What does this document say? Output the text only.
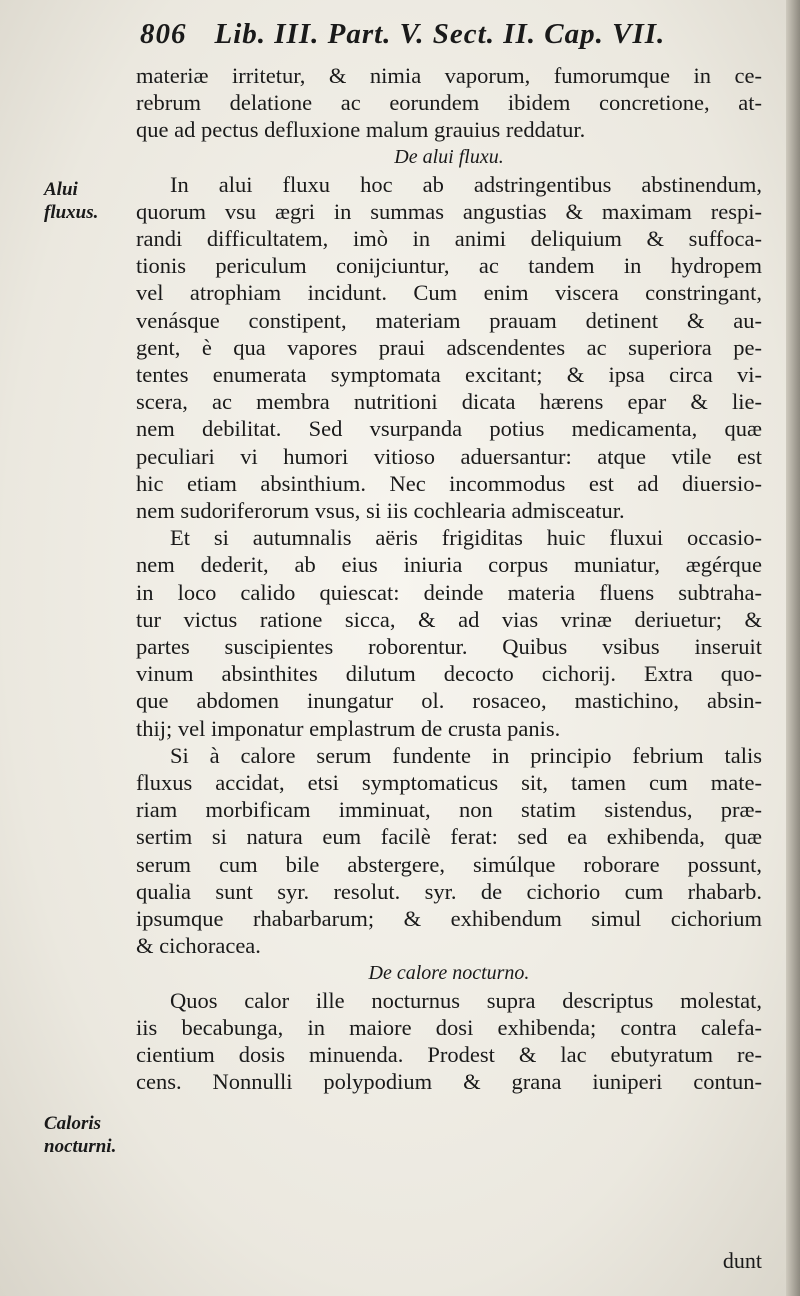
806 Lib. III. Part. V. Sect. II. Cap. VII.
Alui fluxus.
Caloris nocturni.
materiæ irritetur, & nimia vaporum, fumorumque in ce-
rebrum delatione ac eorundem ibidem concretione, at-
que ad pectus defluxione malum grauius reddatur.
De alui fluxu.
In alui fluxu hoc ab adstringentibus abstinendum,
quorum vsu ægri in summas angustias & maximam respi-
randi difficultatem, imò in animi deliquium & suffoca-
tionis periculum conijciuntur, ac tandem in hydropem
vel atrophiam incidunt. Cum enim viscera constringant,
venásque constipent, materiam prauam detinent & au-
gent, è qua vapores praui adscendentes ac superiora pe-
tentes enumerata symptomata excitant; & ipsa circa vi-
scera, ac membra nutritioni dicata hærens epar & lie-
nem debilitat. Sed vsurpanda potius medicamenta, quæ
peculiari vi humori vitioso aduersantur: atque vtile est
hic etiam absinthium. Nec incommodus est ad diuersio-
nem sudoriferorum vsus, si iis cochlearia admisceatur.
Et si autumnalis aëris frigiditas huic fluxui occasio-
nem dederit, ab eius iniuria corpus muniatur, ægérque
in loco calido quiescat: deinde materia fluens subtraha-
tur victus ratione sicca, & ad vias vrinæ deriuetur; &
partes suscipientes roborentur. Quibus vsibus inseruit
vinum absinthites dilutum decocto cichorij. Extra quo-
que abdomen inungatur ol. rosaceo, mastichino, absin-
thij; vel imponatur emplastrum de crusta panis.
Si à calore serum fundente in principio febrium talis
fluxus accidat, etsi symptomaticus sit, tamen cum mate-
riam morbificam imminuat, non statim sistendus, præ-
sertim si natura eum facilè ferat: sed ea exhibenda, quæ
serum cum bile abstergere, simúlque roborare possunt,
qualia sunt syr. resolut. syr. de cichorio cum rhabarb.
ipsumque rhabarbarum; & exhibendum simul cichorium
& cichoracea.
De calore nocturno.
Quos calor ille nocturnus supra descriptus molestat,
iis becabunga, in maiore dosi exhibenda; contra calefa-
cientium dosis minuenda. Prodest & lac ebutyratum re-
cens. Nonnulli polypodium & grana iuniperi contun-
dunt
